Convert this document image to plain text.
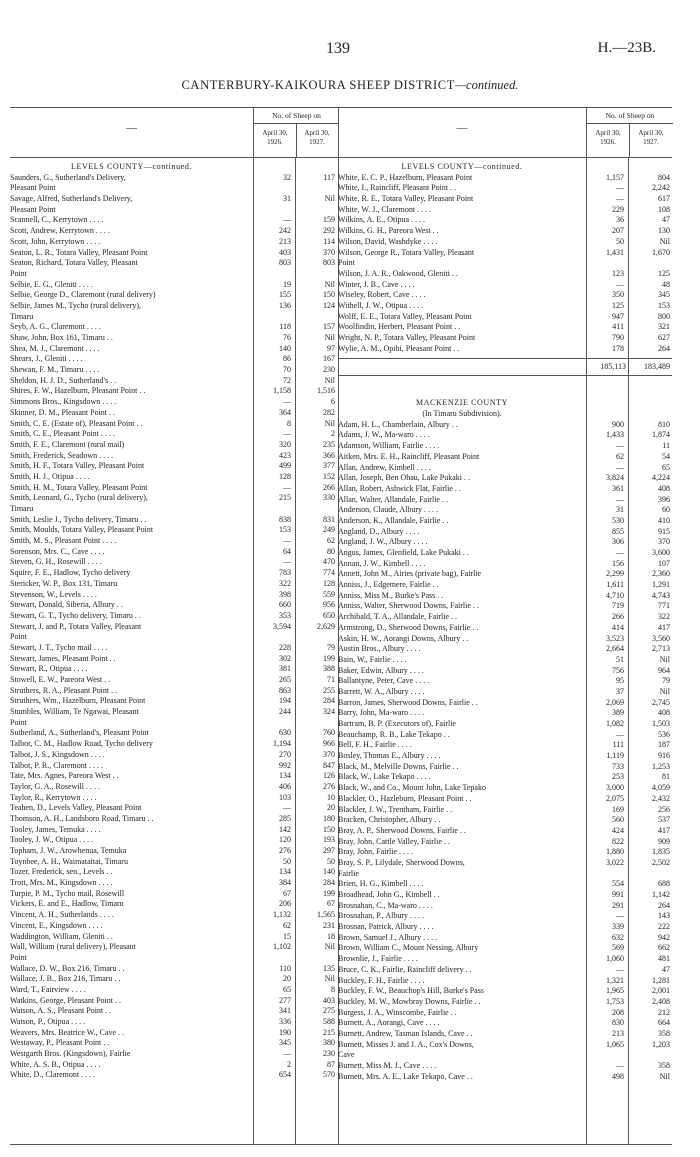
139	H.—23B.
CANTERBURY-KAIKOURA SHEEP DISTRICT—continued.
—
No. of Sheep on
April 30, 1926.
April 30, 1927.
LEVELS COUNTY—continued.
Saunders, G., Sutherland's Delivery,	32	117
Pleasant Point
Savage, Alfred, Sutherland's Delivery,	31	Nil
Pleasant Point
Scannell, C., Kerrytown . . . .	—	159
Scott, Andrew, Kerrytown . . . .	242	292
Scott, John, Kerrytown . . . .	213	114
Seaton, L. R., Totara Valley, Pleasant Point	403	370
Seaton, Richard, Totara Valley, Pleasant	803	803
Point
Selbie, E. G., Gleniti . . . .	19	Nil
Selbie, George D., Claremont (rural delivery)	155	150
Selbie, James M., Tycho (rural delivery),	136	124
Timaru
Seyb, A. G., Claremont . . . .	118	157
Shaw, John, Box 161, Timaru . .	76	Nil
Shea, M. J., Claremont . . . .	140	97
Shears, J., Gleniti . . . .	86	167
Shewan, F. M., Timaru . . . .	70	230
Sheldon, H. J. D., Sutherland's . .	72	Nil
Shires, F. W., Hazelburn, Pleasant Point . .	1,158	1,516
Simmons Bros., Kingsdown . . . .	—	6
Skinner, D. M., Pleasant Point . .	364	282
Smith, C. E. (Estate of), Pleasant Point . .	8	Nil
Smith, C. E., Pleasant Point . . . .	—	2
Smith, F. E., Claremont (rural mail)	320	235
Smith, Frederick, Seadown . . . .	423	366
Smith, H. F., Totara Valley, Pleasant Point	499	377
Smith, H. J., Otipua . . . .	128	152
Smith, H. M., Totara Valley, Pleasant Point	—	266
Smith, Leonard, G., Tycho (rural delivery),	215	330
Timaru
Smith, Leslie J., Tycho delivery, Timaru . .	838	831
Smith, Moulds, Totara Valley, Pleasant Point	153	249
Smith, M. S., Pleasant Point . . . .	—	62
Sorenson, Mrs. C., Cave . . . .	64	80
Steven, G. H., Rosewill . . . .	—	470
Squire, F. E., Hadlow, Tycho delivery	783	774
Stericker, W. P., Box 131, Timaru	322	128
Stevenson, W., Levels . . . .	398	559
Stewart, Donald, Siberia, Albury . .	660	956
Stewart, G. T., Tycho delivery, Timaru . .	353	650
Stewart, J. and P., Totara Valley, Pleasant	3,594	2,629
Point
Stewart, J. T., Tycho mail . . . .	228	79
Stewart, James, Pleasant Point . .	302	199
Stewart, R., Otipua . . . .	381	388
Stowell, E. W., Pareora West . .	265	71
Struthers, R. A., Pleasant Point . .	863	255
Struthers, Wm., Hazelburn, Pleasant Point	194	284
Stumbles, William, Te Ngawai, Pleasant	244	324
Point
Sutherland, A., Sutherland's, Pleasant Point	630	760
Talbot, C. M., Hadlow Road, Tycho delivery	1,194	966
Talbot, J. S., Kingsdown . . . .	270	370
Talbot, P. R., Claremont . . . .	992	847
Tate, Mrs. Agnes, Pareora West . .	134	126
Taylor, G. A., Rosewill . . . .	406	276
Taylor, R., Kerrytown . . . .	103	10
Teahen, D., Levels Valley, Pleasant Point	—	20
Thomson, A. H., Landsboro Road, Timaru . .	285	180
Tooley, James, Temuka . . . .	142	150
Tooley, J. W., Otipua . . . .	120	193
Topham, J. W., Arowhenua, Temuka	276	297
Toynbee, A. H., Waimataitai, Timaru	50	50
Tozer, Frederick, sen., Levels . .	134	140
Trott, Mrs. M., Kingsdown . . . .	384	284
Turpie, P. M., Tycho mail, Rosewill	67	199
Vickers, E. and E., Hadlow, Timaru	206	67
Vincent, A. H., Sutherlands . . . .	1,132	1,565
Vincent, E., Kingsdown . . . .	62	231
Waddington, William, Gleniti . .	15	18
Wall, William (rural delivery), Pleasant	1,102	Nil
Point
Wallace, D. W., Box 216, Timaru . .	110	135
Wallace, J. B., Box 216, Timaru . .	20	Nil
Ward, T., Fairview . . . .	65	8
Watkins, George, Pleasant Point . .	277	403
Watson, A. S., Pleasant Point . .	341	275
Watson, P., Otipua . . . .	336	588
Weavers, Mrs. Beatrice W., Cave . .	190	215
Westaway, P., Pleasant Point . .	345	380
Westgarth Bros. (Kingsdown), Fairlie	—	230
White, A. S. B., Otipua . . . .	2	87
White, D., Claremont . . . .	654	570
—
No. of Sheep on
April 30, 1926.
April 30, 1927.
LEVELS COUNTY—continued.
White, E. C. P., Hazelburn, Pleasant Point	1,157	804
White, I., Raincliff, Pleasant Point . .	—	2,242
White, R. E., Totara Valley, Pleasant Point	—	617
White, W. J., Claremont . . . .	229	108
Wilkins, A. E., Otipua . . . .	36	47
Wilkins, G. H., Pareora West . .	207	130
Wilson, David, Washdyke . . . .	50	Nil
Wilson, George R., Totara Valley, Pleasant	1,431	1,670
Point
Wilson, J. A. R., Oakwood, Gleniti . .	123	125
Winter, J. B., Cave . . . .	—	48
Wiseley, Robert, Cave . . . .	350	345
Withell, J. W., Otipua . . . .	125	153
Wolff, E. E., Totara Valley, Pleasant Point	947	800
Woolfindin, Herbert, Pleasant Point . .	411	321
Wright, N. P., Totara Valley, Pleasant Point	790	627
Wylie, A. M., Opihi, Pleasant Point . .	178	264
185,113	183,489
MACKENZIE COUNTY
(In Timaru Subdivision).
Adam, H. L., Chamberlain, Albury . .	900	810
Adams, J. W., Ma-waro . . . .	1,433	1,874
Adamson, William, Fairlie . . . .	—	11
Aitken, Mrs. E. H., Raincliff, Pleasant Point	62	54
Allan, Andrew, Kimbell . . . .	—	65
Allan, Joseph, Ben Ohau, Lake Pukaki . .	3,824	4,224
Allan, Robert, Ashwick Flat, Fairlie . .	361	408
Allan, Walter, Allandale, Fairlie . .	—	396
Anderson, Claude, Albury . . . .	31	60
Anderson, K., Allandale, Fairlie . .	530	410
Angland, D., Albury . . . .	855	915
Angland, J. W., Albury . . . .	306	370
Angus, James, Glenfield, Lake Pukaki . .	—	3,600
Annan, J. W., Kimbell . . . .	156	107
Annett, John M., Airies (private bag), Fairlie	2,299	2,360
Anniss, J., Edgemere, Fairlie . .	1,611	1,291
Anniss, Miss M., Burke's Pass . .	4,710	4,743
Anniss, Walter, Sherwood Downs, Fairlie . .	719	771
Archibald, T. A., Allandale, Fairlie . .	266	322
Armstrong, D., Sherwood Downs, Fairlie . .	414	417
Askin, H. W., Aorangi Downs, Albury . .	3,523	3,560
Austin Bros., Albury . . . .	2,664	2,713
Bain, W., Fairlie . . . .	51	Nil
Baker, Edwin, Albury . . . .	756	964
Ballantyne, Peter, Cave . . . .	95	79
Barrett, W. A., Albury . . . .	37	Nil
Barron, James, Sherwood Downs, Fairlie . .	2,069	2,745
Barry, John, Ma-waro . . . .	389	408
Bartram, B. P. (Executors of), Fairlie	1,082	1,503
Beauchamp, R. B., Lake Tekapo . .	—	536
Bell, F. H., Fairlie . . . .	111	187
Bosley, Thomas E., Albury . . . .	1,119	916
Black, M., Melville Downs, Fairlie . .	733	1,253
Black, W., Lake Tekapo . . . .	253	81
Black, W., and Co., Mount John, Lake Tepako	3,000	4,059
Blackler, O., Hazleburn, Pleasant Point . .	2,075	2,432
Blackler, J. W., Trentham, Fairlie . .	169	256
Bracken, Christopher, Albury . .	560	537
Bray, A. P., Sherwood Downs, Fairlie . .	424	417
Bray, John, Cattle Valley, Fairlie . .	822	909
Bray, John, Fairlie . . . .	1,880	1,835
Bray, S. P., Lilydale, Sherwood Downs,	3,022	2,502
Fairlie
Brien, H. G., Kimbell . . . .	554	688
Broadhead, John G., Kimbell . .	991	1,142
Brosnahan, C., Ma-waro . . . .	291	264
Brosnahan, P., Albury . . . .	—	143
Brosnan, Patrick, Albury . . . .	339	222
Brown, Samuel J., Albury . . . .	632	942
Brown, William C., Mount Nessing, Albury	569	662
Brownlie, J., Fairlie . . . .	1,060	481
Bruce, C. K., Fairlie, Raincliff delivery . .	—	47
Buckley, F. H., Fairlie . . . .	1,321	1,281
Buckley, F. W., Beauchop's Hill, Burke's Pass	1,965	2,001
Buckley, M. W., Mowbray Downs, Fairlie . .	1,753	2,408
Burgess, J. A., Winscombe, Fairlie . .	208	212
Burnett, A., Aorangi, Cave . . . .	830	664
Burnett, Andrew, Tasman Islands, Cave . .	213	358
Burnett, Misses J. and J. A., Cox's Downs,	1,065	1,203
Cave
Burnett, Miss M. J., Cave . . . .	—	358
Burnett, Mrs. A. E., Lake Tekapo, Cave . .	498	Nil
